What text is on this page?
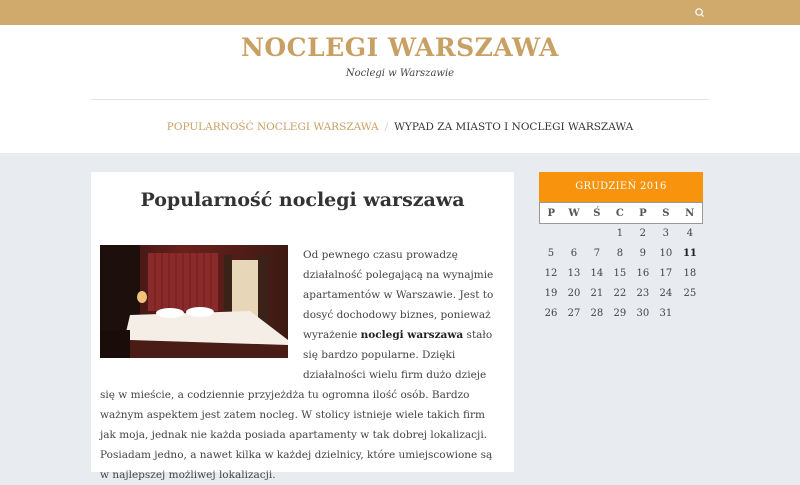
NOCLEGI WARSZAWA
Noclegi w Warszawie
POPULARNOŚĆ NOCLEGI WARSZAWA / WYPAD ZA MIASTO I NOCLEGI WARSZAWA
Popularność noclegi warszawa
Od pewnego czasu prowadzę działalność polegającą na wynajmie apartamentów w Warszawie. Jest to dosyć dochodowy biznes, ponieważ wyrażenie noclegi warszawa stało się bardzo popularne. Dzięki działalności wielu firm dużo dzieje się w mieście, a codziennie przyjeżdża tu ogromna ilość osób. Bardzo ważnym aspektem jest zatem nocleg. W stolicy istnieje wiele takich firm jak moja, jednak nie każda posiada apartamenty w tak dobrej lokalizacji. Posiadam jedno, a nawet kilka w każdej dzielnicy, które umiejscowione są w najlepszej możliwej lokalizacji.
GRUDZIEŃ 2016
P	W	Ś	C	P	S	N
			1	2	3	4
5	6	7	8	9	10	11
12	13	14	15	16	17	18
19	20	21	22	23	24	25
26	27	28	29	30	31	
